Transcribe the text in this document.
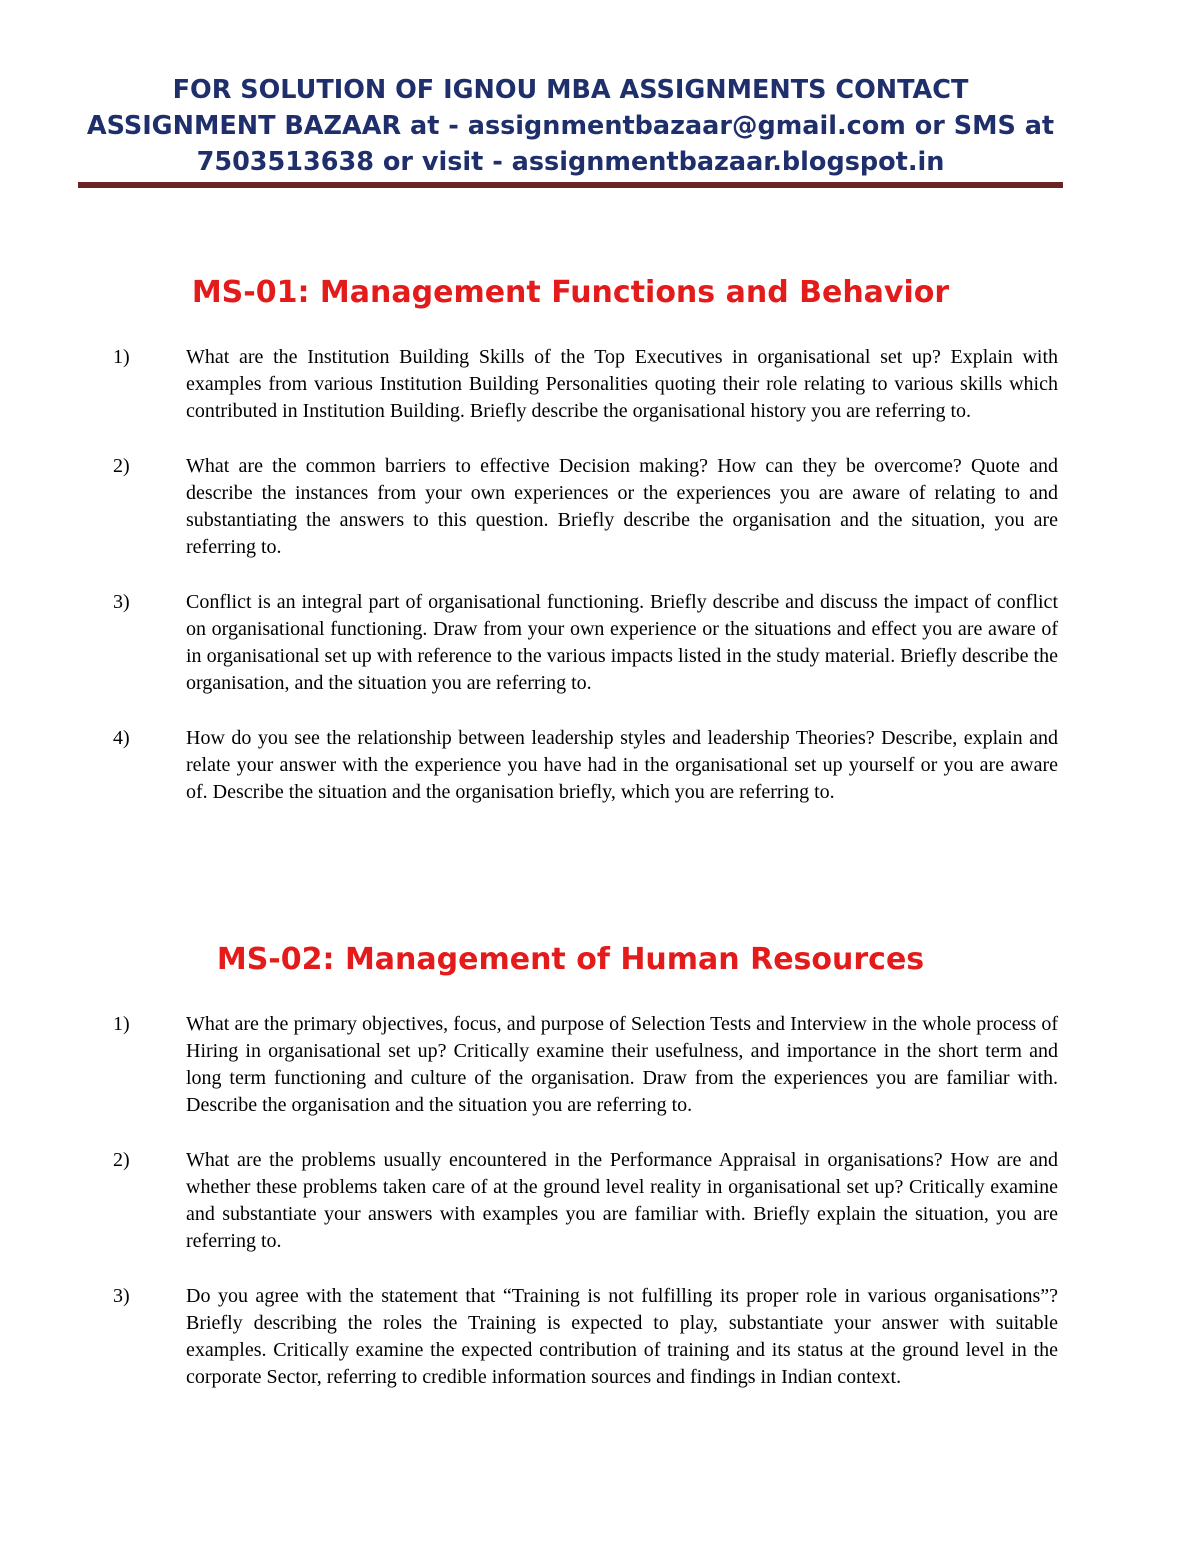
FOR SOLUTION OF IGNOU MBA ASSIGNMENTS CONTACT ASSIGNMENT BAZAAR at - assignmentbazaar@gmail.com or SMS at 7503513638 or visit - assignmentbazaar.blogspot.in
MS-01: Management Functions and Behavior
1)	What are the Institution Building Skills of the Top Executives in organisational set up? Explain with examples from various Institution Building Personalities quoting their role relating to various skills which contributed in Institution Building. Briefly describe the organisational history you are referring to.
2)	What are the common barriers to effective Decision making? How can they be overcome? Quote and describe the instances from your own experiences or the experiences you are aware of relating to and substantiating the answers to this question. Briefly describe the organisation and the situation, you are referring to.
3)	Conflict is an integral part of organisational functioning. Briefly describe and discuss the impact of conflict on organisational functioning. Draw from your own experience or the situations and effect you are aware of in organisational set up with reference to the various impacts listed in the study material. Briefly describe the organisation, and the situation you are referring to.
4)	How do you see the relationship between leadership styles and leadership Theories? Describe, explain and relate your answer with the experience you have had in the organisational set up yourself or you are aware of. Describe the situation and the organisation briefly, which you are referring to.
MS-02: Management of Human Resources
1)	What are the primary objectives, focus, and purpose of Selection Tests and Interview in the whole process of Hiring in organisational set up? Critically examine their usefulness, and importance in the short term and long term functioning and culture of the organisation. Draw from the experiences you are familiar with. Describe the organisation and the situation you are referring to.
2)	What are the problems usually encountered in the Performance Appraisal in organisations? How are and whether these problems taken care of at the ground level reality in organisational set up? Critically examine and substantiate your answers with examples you are familiar with. Briefly explain the situation, you are referring to.
3)	Do you agree with the statement that “Training is not fulfilling its proper role in various organisations”? Briefly describing the roles the Training is expected to play, substantiate your answer with suitable examples. Critically examine the expected contribution of training and its status at the ground level in the corporate Sector, referring to credible information sources and findings in Indian context.
